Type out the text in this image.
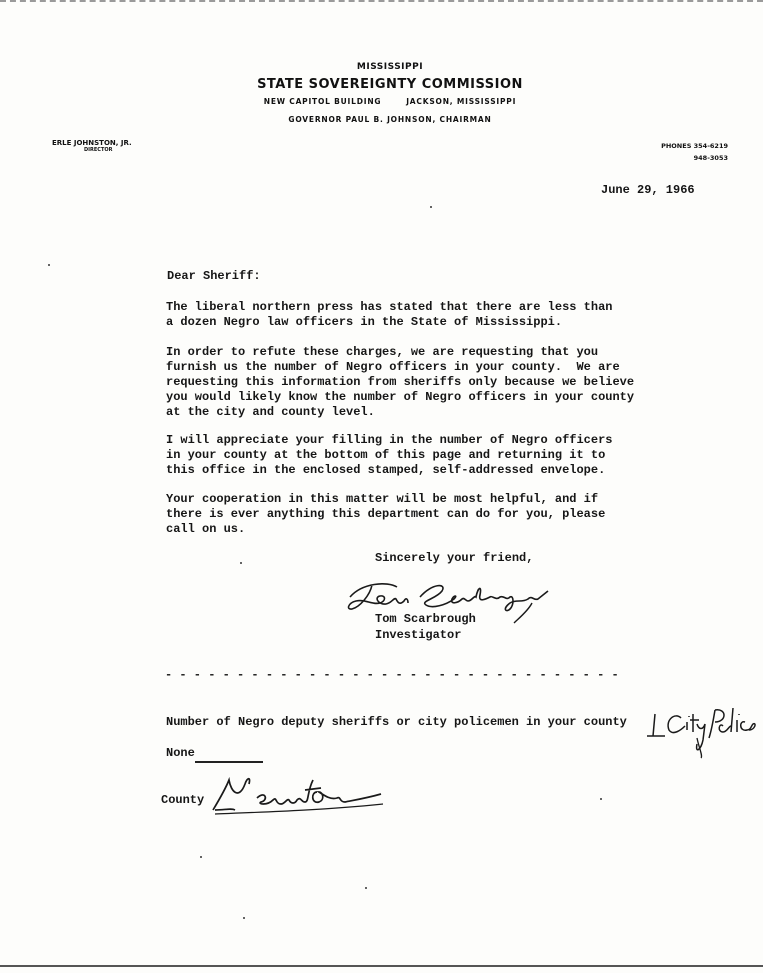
MISSISSIPPI
STATE SOVEREIGNTY COMMISSION
NEW CAPITOL BUILDING	JACKSON, MISSISSIPPI
GOVERNOR PAUL B. JOHNSON, CHAIRMAN
ERLE JOHNSTON, JR.
DIRECTOR	PHONES 354-6219
948-3053
June 29, 1966
Dear Sheriff:
The liberal northern press has stated that there are less than
a dozen Negro law officers in the State of Mississippi.
In order to refute these charges, we are requesting that you
furnish us the number of Negro officers in your county.  We are
requesting this information from sheriffs only because we believe
you would likely know the number of Negro officers in your county
at the city and county level.
I will appreciate your filling in the number of Negro officers
in your county at the bottom of this page and returning it to
this office in the enclosed stamped, self-addressed envelope.
Your cooperation in this matter will be most helpful, and if
there is ever anything this department can do for you, please
call on us.
Sincerely your friend,
Tom Scarbrough
Investigator
- - - - - - - - - - - - - - - - - - - - - - - - - - - - - - - -
Number of Negro deputy sheriffs or city policemen in your county
None
County
